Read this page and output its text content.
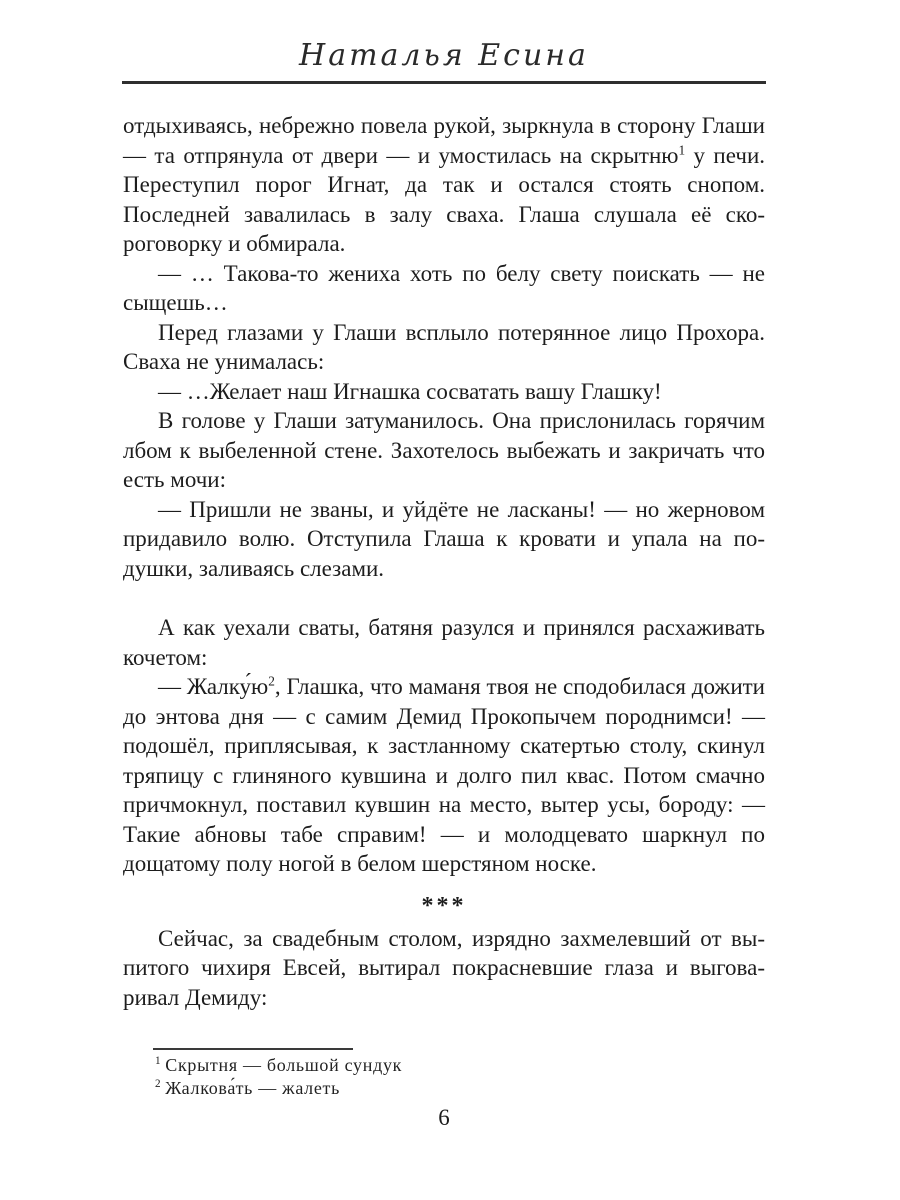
Наталья Есина

отдыхиваясь, небрежно повела рукой, зыркнула в сторону Глаши — та отпрянула от двери — и умостилась на скрытню$^1$ у печи. Переступил порог Игнат, да так и остался стоять снопом. Последней завалилась в залу сваха. Глаша слушала её скороговорку и обмирала.

— … Такова-то жениха хоть по белу свету поискать — не сыщешь…

Перед глазами у Глаши всплыло потерянное лицо Прохора. Сваха не унималась:

— …Желает наш Игнашка сосватать вашу Глашку!

В голове у Глаши затуманилось. Она прислонилась горячим лбом к выбеленной стене. Захотелось выбежать и закричать что есть мочи:

— Пришли не званы, и уйдёте не ласканы! — но жерновом придавило волю. Отступила Глаша к кровати и упала на подушки, заливаясь слезами.

А как уехали сваты, батяня разулся и принялся расхаживать кочетом:

— Жалку́ю$^2$, Глашка, что маманя твоя не сподобилася дожити до энтова дня — с самим Демид Прокопычем породнимси! — подошёл, приплясывая, к застланному скатертью столу, скинул тряпицу с глиняного кувшина и долго пил квас. Потом смачно причмокнул, поставил кувшин на место, вытер усы, бороду: — Такие абновы табе справим! — и молодцевато шаркнул по дощатому полу ногой в белом шерстяном носке.

***

Сейчас, за свадебным столом, изрядно захмелевший от выпитого чихиря Евсей, вытирал покрасневшие глаза и выговаривал Демиду:

$^1$ Скрытня — большой сундук

$^2$ Жалкова́ть — жалеть

6
